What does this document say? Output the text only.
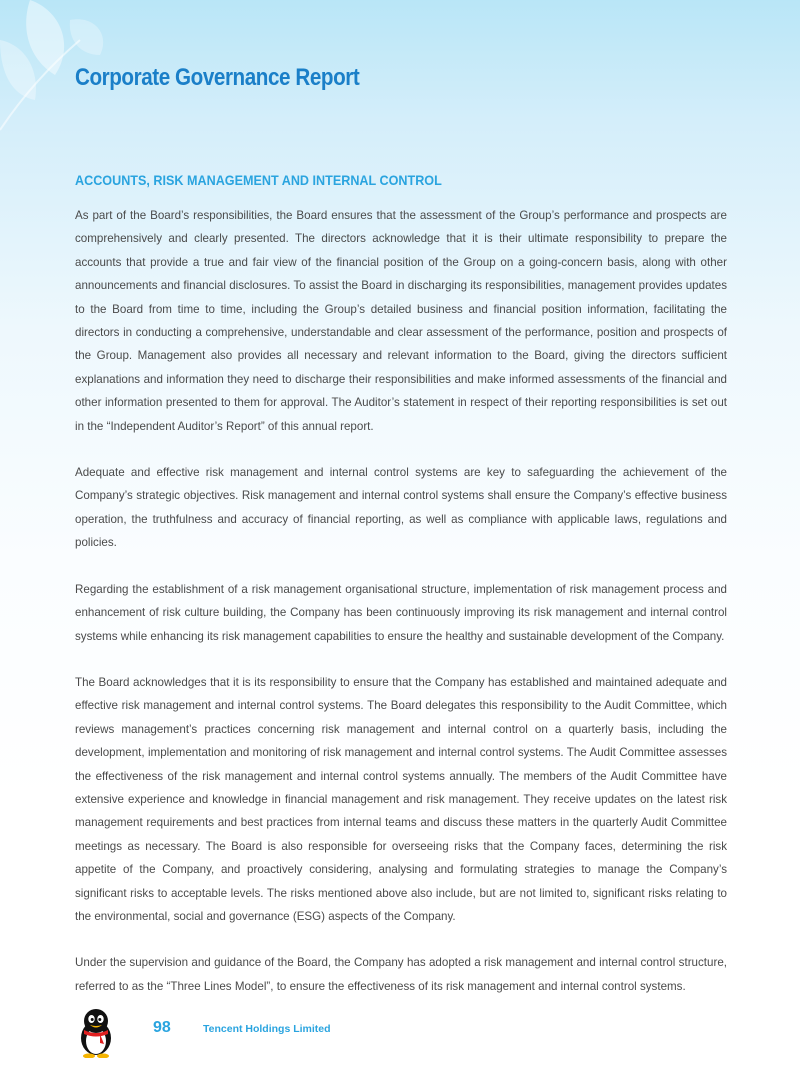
Corporate Governance Report
ACCOUNTS, RISK MANAGEMENT AND INTERNAL CONTROL

As part of the Board’s responsibilities, the Board ensures that the assessment of the Group’s performance and prospects are comprehensively and clearly presented. The directors acknowledge that it is their ultimate responsibility to prepare the accounts that provide a true and fair view of the financial position of the Group on a going-concern basis, along with other announcements and financial disclosures. To assist the Board in discharging its responsibilities, management provides updates to the Board from time to time, including the Group’s detailed business and financial position information, facilitating the directors in conducting a comprehensive, understandable and clear assessment of the performance, position and prospects of the Group. Management also provides all necessary and relevant information to the Board, giving the directors sufficient explanations and information they need to discharge their responsibilities and make informed assessments of the financial and other information presented to them for approval. The Auditor’s statement in respect of their reporting responsibilities is set out in the “Independent Auditor’s Report” of this annual report.

Adequate and effective risk management and internal control systems are key to safeguarding the achievement of the Company’s strategic objectives. Risk management and internal control systems shall ensure the Company’s effective business operation, the truthfulness and accuracy of financial reporting, as well as compliance with applicable laws, regulations and policies.

Regarding the establishment of a risk management organisational structure, implementation of risk management process and enhancement of risk culture building, the Company has been continuously improving its risk management and internal control systems while enhancing its risk management capabilities to ensure the healthy and sustainable development of the Company.

The Board acknowledges that it is its responsibility to ensure that the Company has established and maintained adequate and effective risk management and internal control systems. The Board delegates this responsibility to the Audit Committee, which reviews management’s practices concerning risk management and internal control on a quarterly basis, including the development, implementation and monitoring of risk management and internal control systems. The Audit Committee assesses the effectiveness of the risk management and internal control systems annually. The members of the Audit Committee have extensive experience and knowledge in financial management and risk management. They receive updates on the latest risk management requirements and best practices from internal teams and discuss these matters in the quarterly Audit Committee meetings as necessary. The Board is also responsible for overseeing risks that the Company faces, determining the risk appetite of the Company, and proactively considering, analysing and formulating strategies to manage the Company’s significant risks to acceptable levels. The risks mentioned above also include, but are not limited to, significant risks relating to the environmental, social and governance (ESG) aspects of the Company.

Under the supervision and guidance of the Board, the Company has adopted a risk management and internal control structure, referred to as the “Three Lines Model”, to ensure the effectiveness of its risk management and internal control systems.

98	Tencent Holdings Limited
